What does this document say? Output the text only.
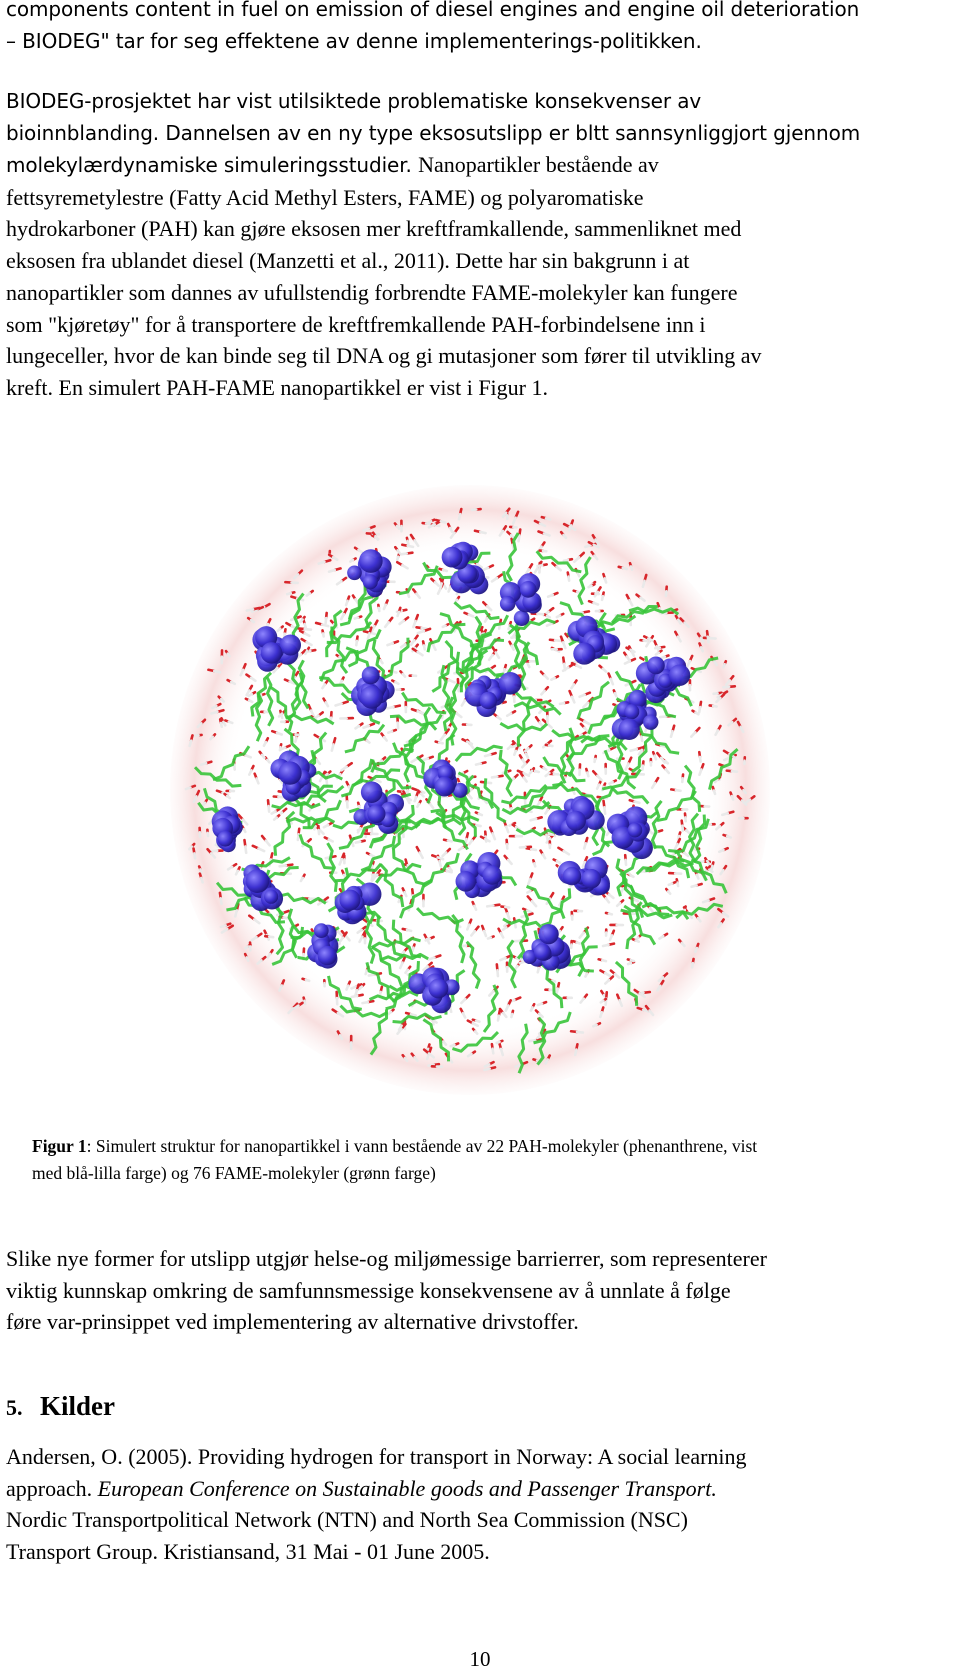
components content in fuel on emission of diesel engines and engine oil deterioration
– BIODEG" tar for seg effektene av denne implementerings-politikken.

BIODEG-prosjektet har vist utilsiktede problematiske konsekvenser av
bioinnblanding. Dannelsen av en ny type eksosutslipp er bltt sannsynliggjort gjennom
molekylærdynamiske simuleringsstudier. Nanopartikler bestående av
fettsyremetylestre (Fatty Acid Methyl Esters, FAME) og polyaromatiske
hydrokarboner (PAH) kan gjøre eksosen mer kreftframkallende, sammenliknet med
eksosen fra ublandet diesel (Manzetti et al., 2011). Dette har sin bakgrunn i at
nanopartikler som dannes av ufullstendig forbrendte FAME-molekyler kan fungere
som "kjøretøy" for å transportere de kreftfremkallende PAH-forbindelsene inn i
lungeceller, hvor de kan binde seg til DNA og gi mutasjoner som fører til utvikling av
kreft. En simulert PAH-FAME nanopartikkel er vist i Figur 1.

Figur 1: Simulert struktur for nanopartikkel i vann bestående av 22 PAH-molekyler (phenanthrene, vist
med blå-lilla farge) og 76 FAME-molekyler (grønn farge)

Slike nye former for utslipp utgjør helse-og miljømessige barrierrer, som representerer
viktig kunnskap omkring de samfunnsmessige konsekvensene av å unnlate å følge
føre var-prinsippet ved implementering av alternative drivstoffer.

5. Kilder

Andersen, O. (2005). Providing hydrogen for transport in Norway: A social learning
approach. European Conference on Sustainable goods and Passenger Transport.
Nordic Transportpolitical Network (NTN) and North Sea Commission (NSC)
Transport Group. Kristiansand, 31 Mai - 01 June 2005.

10
